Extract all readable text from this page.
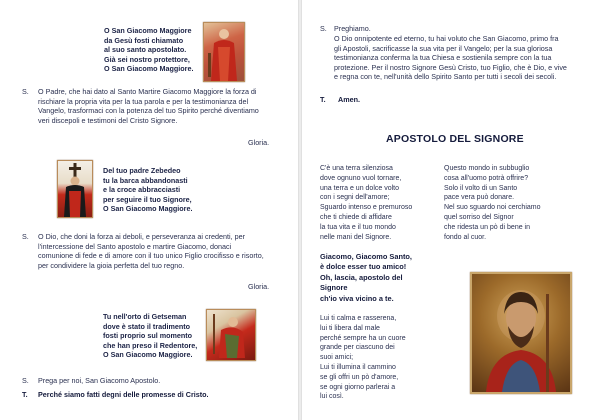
O San Giacomo Maggiore
da Gesù fosti chiamato
al suo santo apostolato.
Già sei nostro protettore,
O San Giacomo Maggiore.
S. O Padre, che hai dato al Santo Martire Giacomo Maggiore la forza di
rischiare la propria vita per la tua parola e per la testimonianza del
Vangelo, trasformaci con la potenza del tuo Spirito perché diventiamo
veri discepoli e testimoni del Cristo Signore.
Gloria.
Del tuo padre Zebedeo
tu la barca abbandonasti
e la croce abbracciasti
per seguire il tuo Signore,
O San Giacomo Maggiore.
S. O Dio, che doni la forza ai deboli, e perseveranza ai credenti, per
l'intercessione del Santo apostolo e martire Giacomo, donaci
comunione di fede e di amore con il tuo unico Figlio crocifisso e risorto,
per condividere la gioia perfetta del tuo regno.
Gloria.
Tu nell'orto di Getseman
dove è stato il tradimento
fosti proprio sul momento
che han preso il Redentore,
O San Giacomo Maggiore.
S. Prega per noi, San Giacomo Apostolo.
T. Perché siamo fatti degni delle promesse di Cristo.
S. Preghiamo.
O Dio onnipotente ed eterno, tu hai voluto che San Giacomo, primo fra
gli Apostoli, sacrificasse la sua vita per il Vangelo; per la sua gloriosa
testimonianza conferma la tua Chiesa e sostienila sempre con la tua
protezione. Per il nostro Signore Gesù Cristo, tuo Figlio, che è Dio, e vive
e regna con te, nell'unità dello Spirito Santo per tutti i secoli dei secoli.
T. Amen.
APOSTOLO DEL SIGNORE
C'è una terra silenziosa
dove ognuno vuol tornare,
una terra e un dolce volto
con i segni dell'amore;
Sguardo intenso e premuroso
che ti chiede di affidare
la tua vita e il tuo mondo
nelle mani del Signore.
Giacomo, Giacomo Santo,
è dolce esser tuo amico!
Oh, lascia, apostolo del
Signore
ch'io viva vicino a te.
Lui ti calma e rasserena,
lui ti libera dal male
perché sempre ha un cuore
grande per ciascuno dei
suoi amici;
Lui ti illumina il cammino
se gli offri un pò d'amore,
se ogni giorno parlerai a
lui così.
Questo mondo in subbuglio
cosa all'uomo potrà offrire?
Solo il volto di un Santo
pace vera può donare.
Nel suo sguardo noi cerchiamo
quel sorriso del Signor
che ridesta un pò di bene in
fondo al cuor.
